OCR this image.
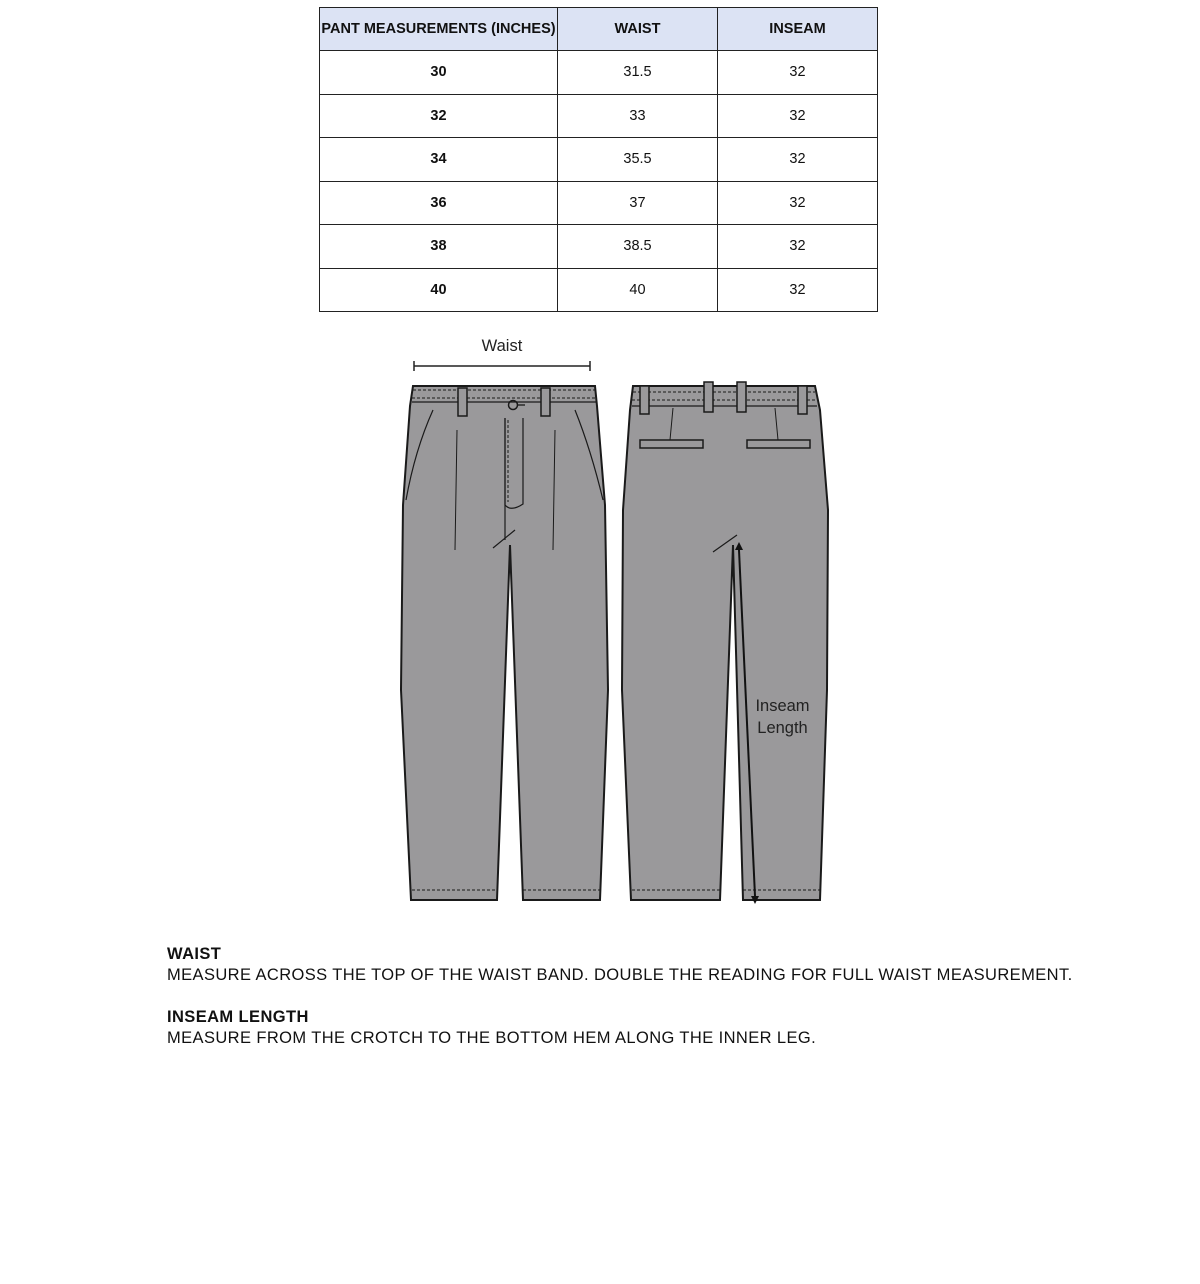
PANT MEASUREMENTS (INCHES)	WAIST	INSEAM
30	31.5	32
32	33	32
34	35.5	32
36	37	32
38	38.5	32
40	40	32
Waist
Inseam
Length
WAIST
MEASURE ACROSS THE TOP OF THE WAIST BAND. DOUBLE THE READING FOR FULL WAIST MEASUREMENT.
INSEAM LENGTH
MEASURE FROM THE CROTCH TO THE BOTTOM HEM ALONG THE INNER LEG.
